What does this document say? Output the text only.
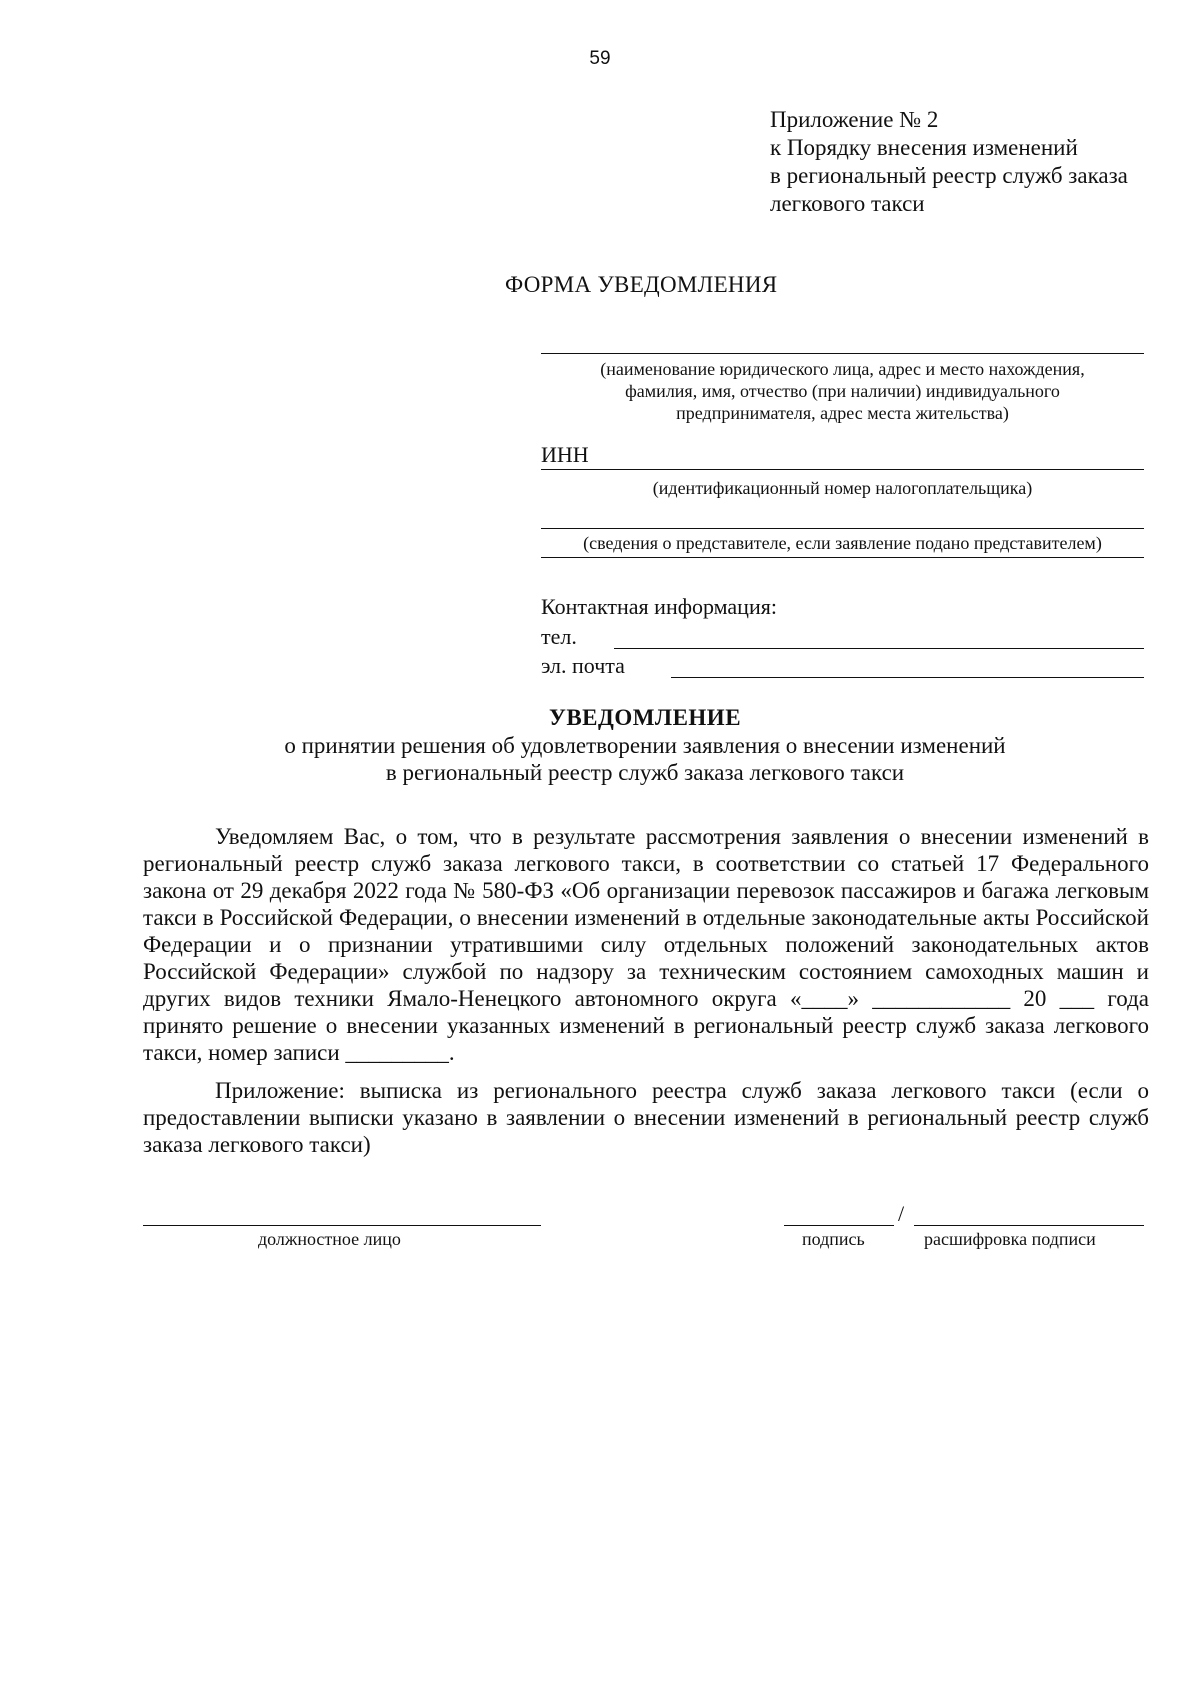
59
Приложение № 2
к Порядку внесения изменений
в региональный реестр служб заказа
легкового такси
ФОРМА УВЕДОМЛЕНИЯ
(наименование юридического лица, адрес и место нахождения,
фамилия, имя, отчество (при наличии) индивидуального
предпринимателя, адрес места жительства)
ИНН
(идентификационный номер налогоплательщика)
(сведения о представителе, если заявление подано представителем)
Контактная информация:
тел.
эл. почта
УВЕДОМЛЕНИЕ
о принятии решения об удовлетворении заявления о внесении изменений
в региональный реестр служб заказа легкового такси
Уведомляем Вас, о том, что в результате рассмотрения заявления о внесении изменений в региональный реестр служб заказа легкового такси, в соответствии со статьей 17 Федерального закона от 29 декабря 2022 года № 580-ФЗ «Об организации перевозок пассажиров и багажа легковым такси в Российской Федерации, о внесении изменений в отдельные законодательные акты Российской Федерации и о признании утратившими силу отдельных положений законодательных актов Российской Федерации» службой по надзору за техническим состоянием самоходных машин и других видов техники Ямало-Ненецкого автономного округа «____» ____________ 20 ___ года принято решение о внесении указанных изменений в региональный реестр служб заказа легкового такси, номер записи _________.
Приложение: выписка из регионального реестра служб заказа легкового такси (если о предоставлении выписки указано в заявлении о внесении изменений в региональный реестр служб заказа легкового такси)
должностное лицо
/
подпись	расшифровка подписи
